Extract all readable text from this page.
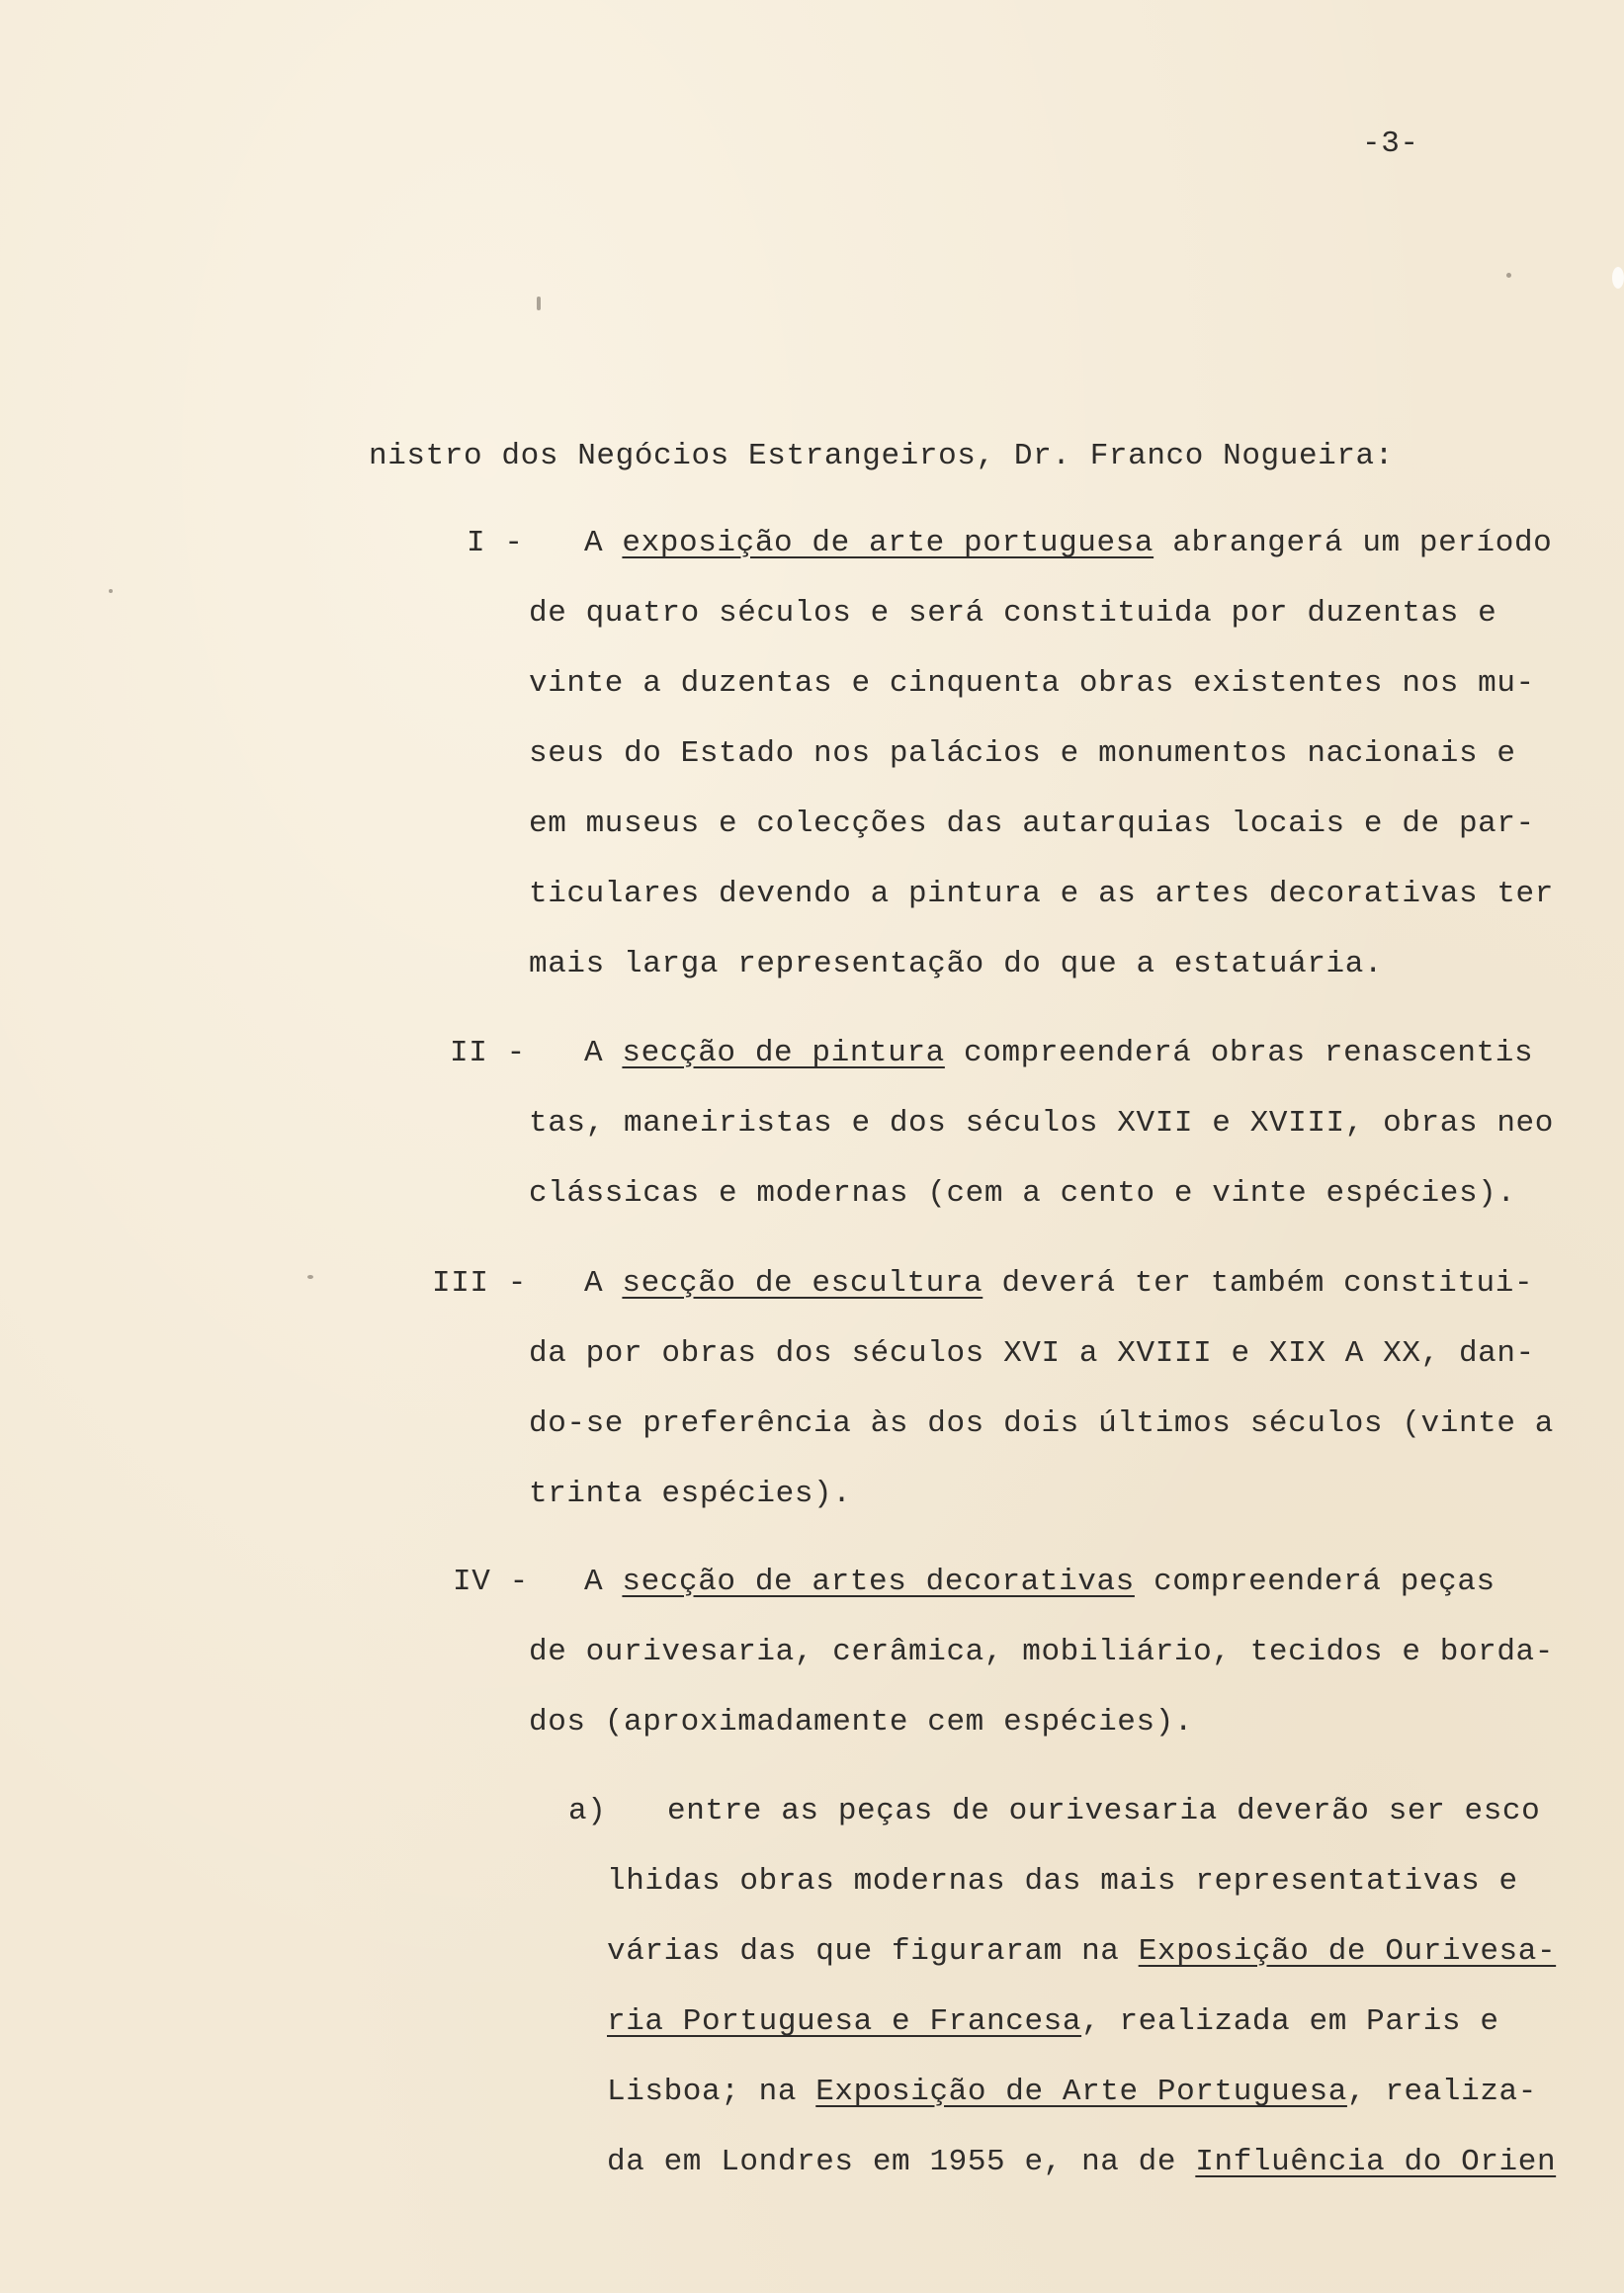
-3-
nistro dos Negócios Estrangeiros, Dr. Franco Nogueira:
I - A exposição de arte portuguesa abrangerá um período
de quatro séculos e será constituida por duzentas e
vinte a duzentas e cinquenta obras existentes nos mu-
seus do Estado nos palácios e monumentos nacionais e
em museus e colecções das autarquias locais e de par-
ticulares devendo a pintura e as artes decorativas ter
mais larga representação do que a estatuária.
II - A secção de pintura compreenderá obras renascentis
tas, maneiristas e dos séculos XVII e XVIII, obras neo
clássicas e modernas (cem a cento e vinte espécies).
III - A secção de escultura deverá ter também constitui-
da por obras dos séculos XVI a XVIII e XIX A XX, dan-
do-se preferência às dos dois últimos séculos (vinte a
trinta espécies).
IV - A secção de artes decorativas compreenderá peças
de ourivesaria, cerâmica, mobiliário, tecidos e borda-
dos (aproximadamente cem espécies).
a) entre as peças de ourivesaria deverão ser esco
lhidas obras modernas das mais representativas e
várias das que figuraram na Exposição de Ourivesa-
ria Portuguesa e Francesa, realizada em Paris e
Lisboa; na Exposição de Arte Portuguesa, realiza-
da em Londres em 1955 e, na de Influência do Orien
